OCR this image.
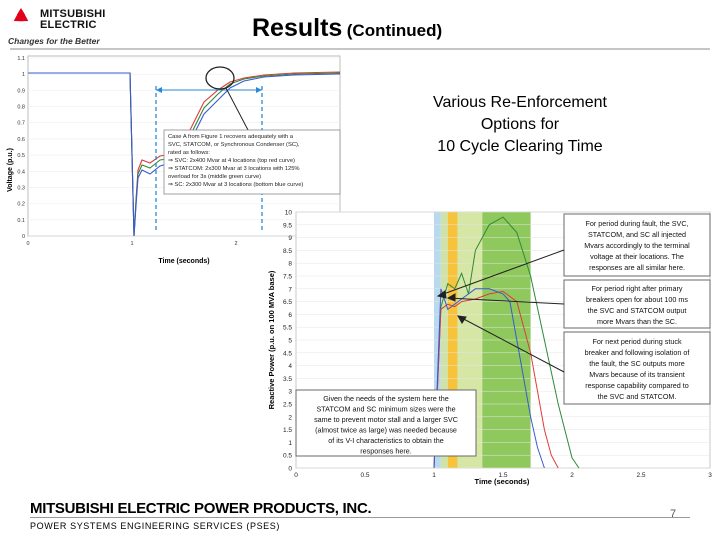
MITSUBISHI
ELECTRIC
Changes for the Better	Results (Continued)
1.1
1
0.9
0.8
0.7
0.6
0.5
0.4
0.3
0.2
0.1
0
0	1	2
Voltage (p.u.)
Time (seconds)
Case A from Figure 1 recovers adequately with a
SVC, STATCOM, or Synchronous Condenser (SC),
rated as follows:
⇒ SVC: 2x400 Mvar at 4 locations (top red curve)
⇒ STATCOM: 2x300 Mvar at 3 locations with 125%
overload for 3s (middle green curve)
⇒ SC: 2x300 Mvar at 3 locations (bottom blue curve)
Various Re-Enforcement
Options for
10 Cycle Clearing Time
10
9.5
9
8.5
8
7.5
7
6.5
6
5.5
5
4.5
4
3.5
3
2.5
2
1.5
1
0.5
0
0	0.5	1	1.5	2	2.5	3
Reactive Power (p.u. on 100 MVA base)
Time (seconds)
For period during fault, the SVC,
STATCOM, and SC all injected
Mvars accordingly to the terminal
voltage at their locations. The
responses are all similar here.
For period right after primary
breakers open for about 100 ms
the SVC and STATCOM output
more Mvars than the SC.
For next period during stuck
breaker and following isolation of
the fault, the SC outputs more
Mvars because of its transient
response capability compared to
the SVC and STATCOM.
Given the needs of the system here the
STATCOM and SC minimum sizes were the
same to prevent motor stall and a larger SVC
(almost twice as large) was needed because
of its V-I characteristics to obtain the
responses here.
MITSUBISHI ELECTRIC POWER PRODUCTS, INC.
POWER SYSTEMS ENGINEERING SERVICES (PSES)
7
